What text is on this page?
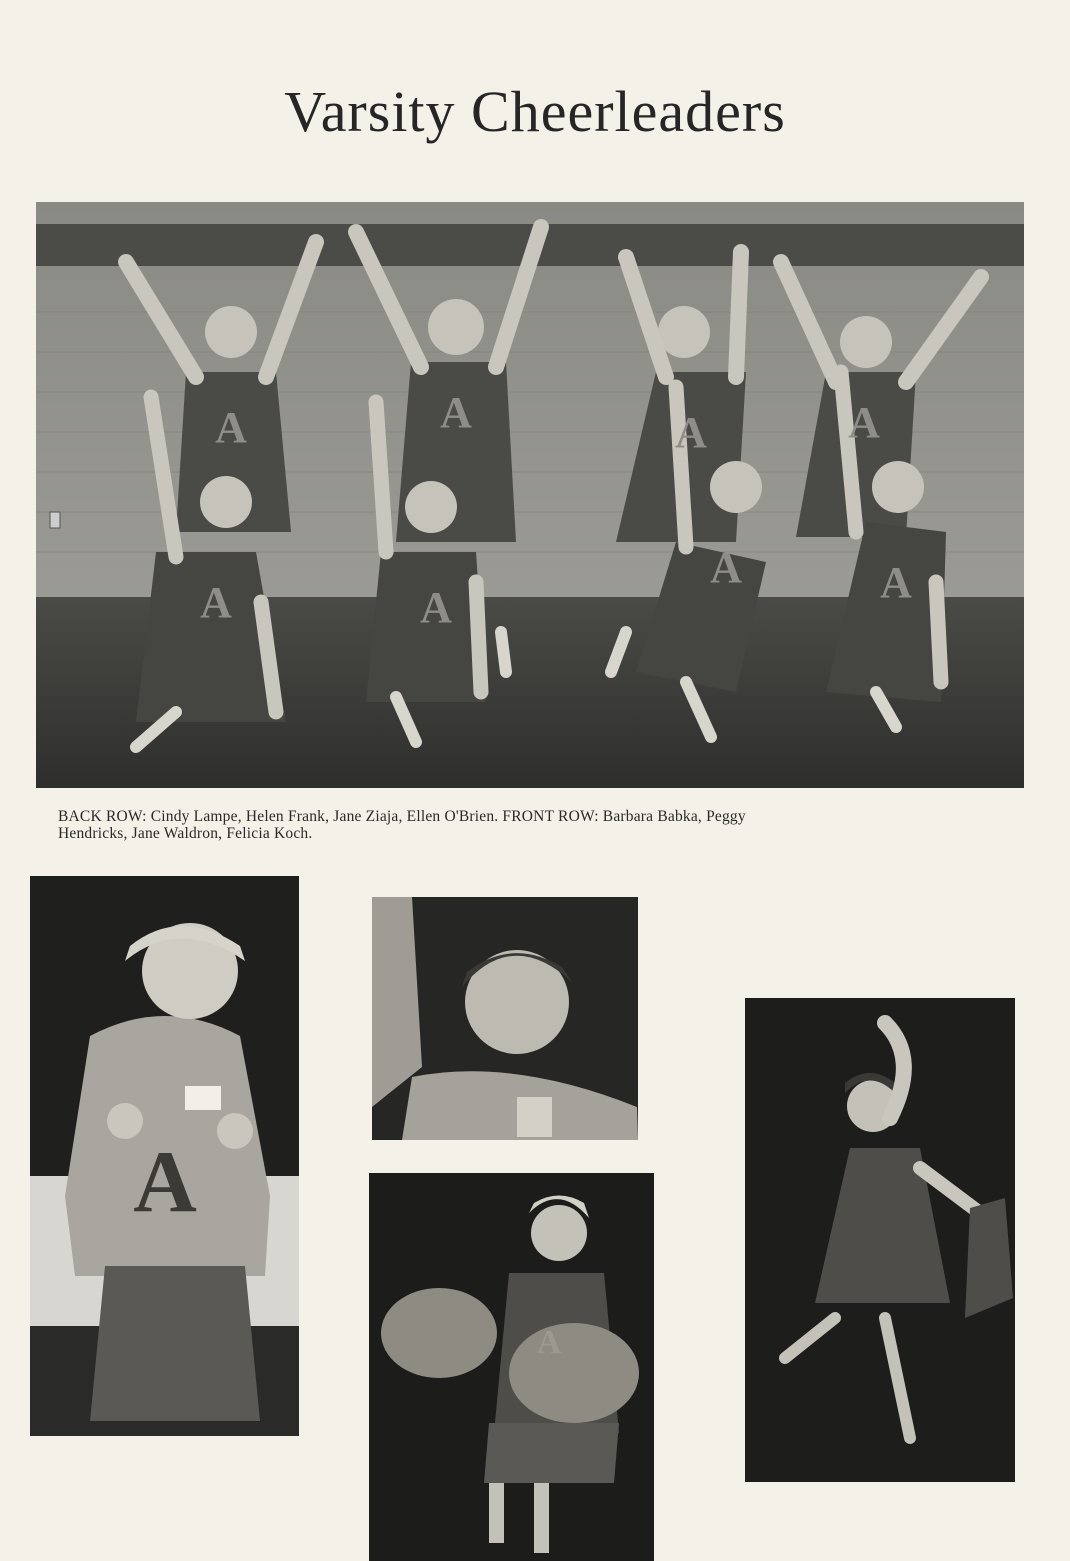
Varsity Cheerleaders
A	A	A	A
A	A
A	A
BACK ROW: Cindy Lampe, Helen Frank, Jane Ziaja, Ellen O'Brien. FRONT ROW: Barbara Babka, Peggy
Hendricks, Jane Waldron, Felicia Koch.
A
A
